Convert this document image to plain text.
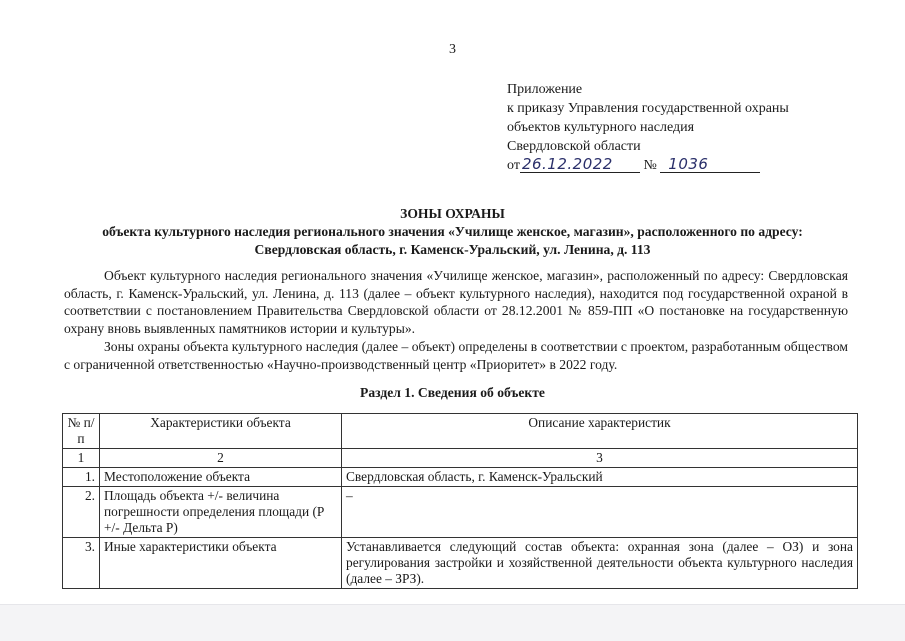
3
Приложение
к приказу Управления государственной охраны
объектов культурного наследия
Свердловской области
от 26.12.2022 № 1036
ЗОНЫ ОХРАНЫ
объекта культурного наследия регионального значения «Училище женское, магазин», расположенного по адресу:
Свердловская область, г. Каменск-Уральский, ул. Ленина, д. 113
Объект культурного наследия регионального значения «Училище женское, магазин», расположенный по адресу: Свердловская область, г. Каменск-Уральский, ул. Ленина, д. 113 (далее – объект культурного наследия), находится под государственной охраной в соответствии с постановлением Правительства Свердловской области от 28.12.2001 № 859-ПП «О постановке на государственную охрану вновь выявленных памятников истории и культуры».
Зоны охраны объекта культурного наследия (далее – объект) определены в соответствии с проектом, разработанным обществом с ограниченной ответственностью «Научно-производственный центр «Приоритет» в 2022 году.
Раздел 1. Сведения об объекте
№ п/п	Характеристики объекта	Описание характеристик
1	2	3
1.	Местоположение объекта	Свердловская область, г. Каменск-Уральский
2.	Площадь объекта +/- величина погрешности определения площади (P +/- Дельта P)	–
3.	Иные характеристики объекта	Устанавливается следующий состав объекта: охранная зона (далее – ОЗ) и зона регулирования застройки и хозяйственной деятельности объекта культурного наследия (далее – ЗРЗ).
